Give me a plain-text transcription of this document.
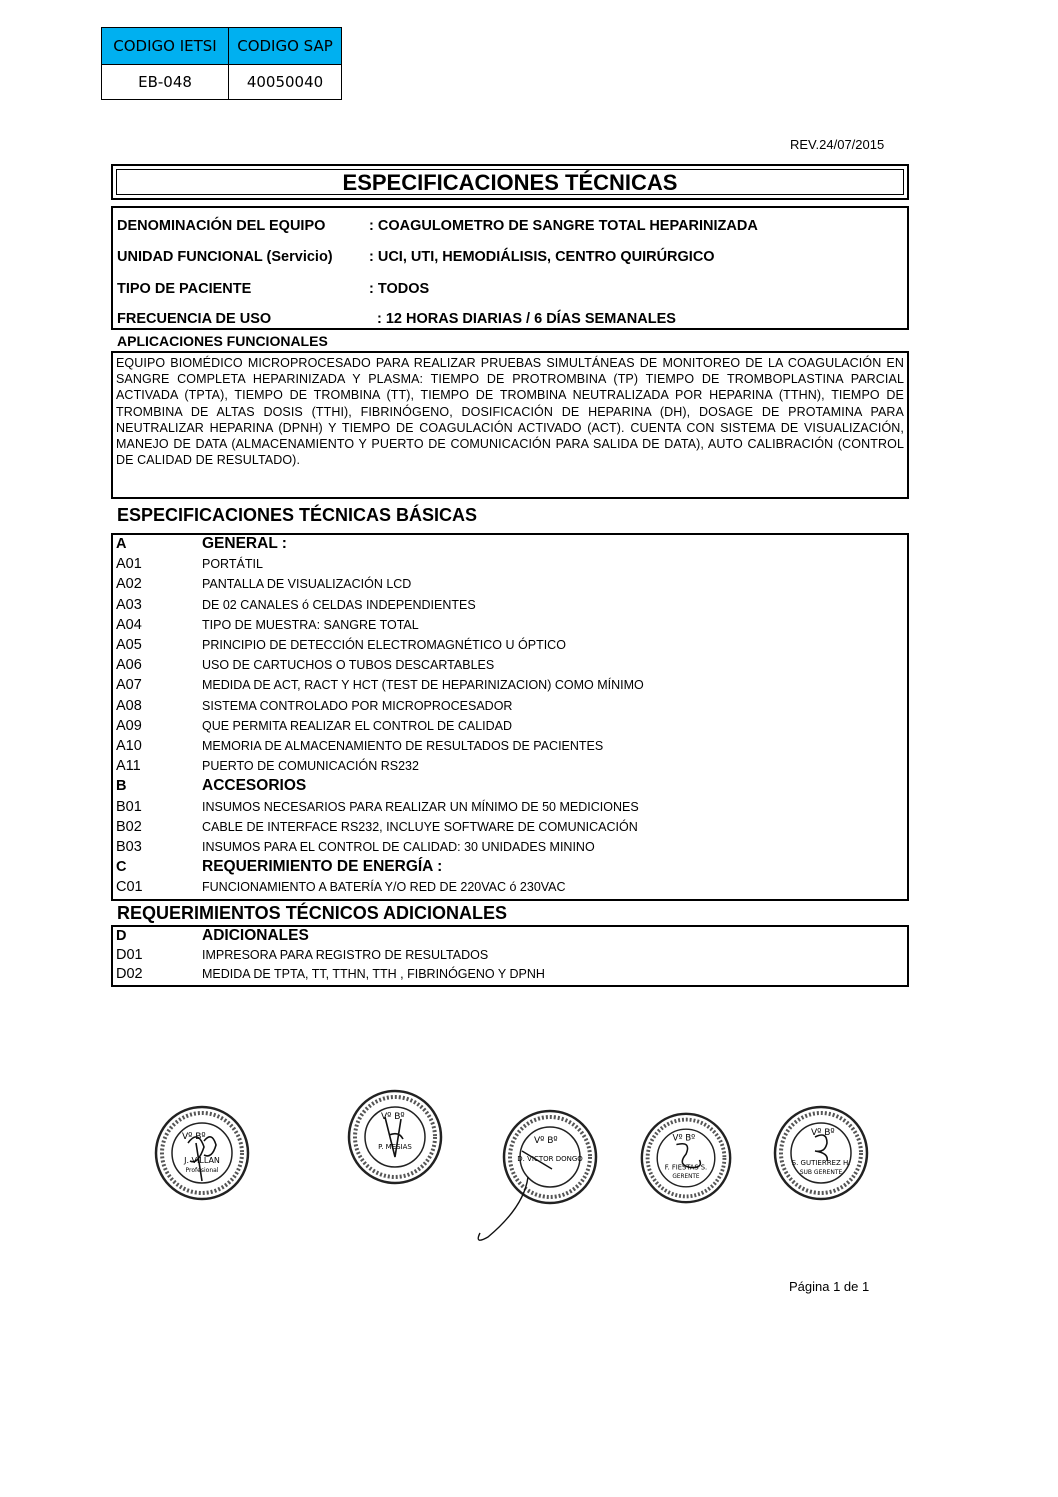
CODIGO IETSI	CODIGO SAP
EB-048	40050040
REV.24/07/2015
ESPECIFICACIONES TÉCNICAS
DENOMINACIÓN DEL EQUIPO	: COAGULOMETRO DE SANGRE TOTAL HEPARINIZADA
UNIDAD FUNCIONAL (Servicio)	: UCI, UTI, HEMODIÁLISIS, CENTRO QUIRÚRGICO
TIPO DE PACIENTE	: TODOS
FRECUENCIA DE USO	: 12 HORAS DIARIAS / 6 DÍAS SEMANALES
APLICACIONES FUNCIONALES
EQUIPO BIOMÉDICO MICROPROCESADO PARA REALIZAR PRUEBAS SIMULTÁNEAS DE MONITOREO DE LA COAGULACIÓN EN SANGRE COMPLETA HEPARINIZADA Y PLASMA: TIEMPO DE PROTROMBINA (TP) TIEMPO DE TROMBOPLASTINA PARCIAL ACTIVADA (TPTA), TIEMPO DE TROMBINA (TT), TIEMPO DE TROMBINA NEUTRALIZADA POR HEPARINA (TTHN), TIEMPO DE TROMBINA DE ALTAS DOSIS (TTHI), FIBRINÓGENO, DOSIFICACIÓN DE HEPARINA (DH), DOSAGE DE PROTAMINA PARA NEUTRALIZAR HEPARINA (DPNH) Y TIEMPO DE COAGULACIÓN ACTIVADO (ACT). CUENTA CON SISTEMA DE VISUALIZACIÓN, MANEJO DE DATA (ALMACENAMIENTO Y PUERTO DE COMUNICACIÓN PARA SALIDA DE DATA), AUTO CALIBRACIÓN (CONTROL DE CALIDAD DE RESULTADO).
ESPECIFICACIONES TÉCNICAS BÁSICAS
A	GENERAL :
A01	PORTÁTIL
A02	PANTALLA DE VISUALIZACIÓN LCD
A03	DE 02 CANALES ó CELDAS INDEPENDIENTES
A04	TIPO DE MUESTRA: SANGRE TOTAL
A05	PRINCIPIO DE DETECCIÓN ELECTROMAGNÉTICO U ÓPTICO
A06	USO DE CARTUCHOS O TUBOS DESCARTABLES
A07	MEDIDA DE ACT, RACT Y HCT (TEST DE HEPARINIZACION) COMO MÍNIMO
A08	SISTEMA CONTROLADO POR MICROPROCESADOR
A09	QUE PERMITA REALIZAR EL CONTROL DE CALIDAD
A10	MEMORIA DE ALMACENAMIENTO DE RESULTADOS DE PACIENTES
A11	PUERTO DE COMUNICACIÓN RS232
B	ACCESORIOS
B01	INSUMOS NECESARIOS PARA REALIZAR UN MÍNIMO DE 50 MEDICIONES
B02	CABLE DE INTERFACE RS232, INCLUYE SOFTWARE DE COMUNICACIÓN
B03	INSUMOS PARA EL CONTROL DE CALIDAD: 30 UNIDADES MININO
C	REQUERIMIENTO DE ENERGÍA :
C01	FUNCIONAMIENTO A BATERÍA Y/O RED DE 220VAC ó 230VAC
REQUERIMIENTOS TÉCNICOS ADICIONALES
D	ADICIONALES
D01	IMPRESORA PARA REGISTRO DE RESULTADOS
D02	MEDIDA DE TPTA, TT, TTHN, TTH , FIBRINÓGENO Y DPNH
Vº Bº
J. VILLAN
Profesional
Vº Bº
P. MESIAS
Vº Bº
D. VICTOR DONGO
Vº Bº
F. FIESTAS S.
GERENTE
Vº Bº
S. GUTIERREZ H.
SUB GERENTE
Página 1 de 1
